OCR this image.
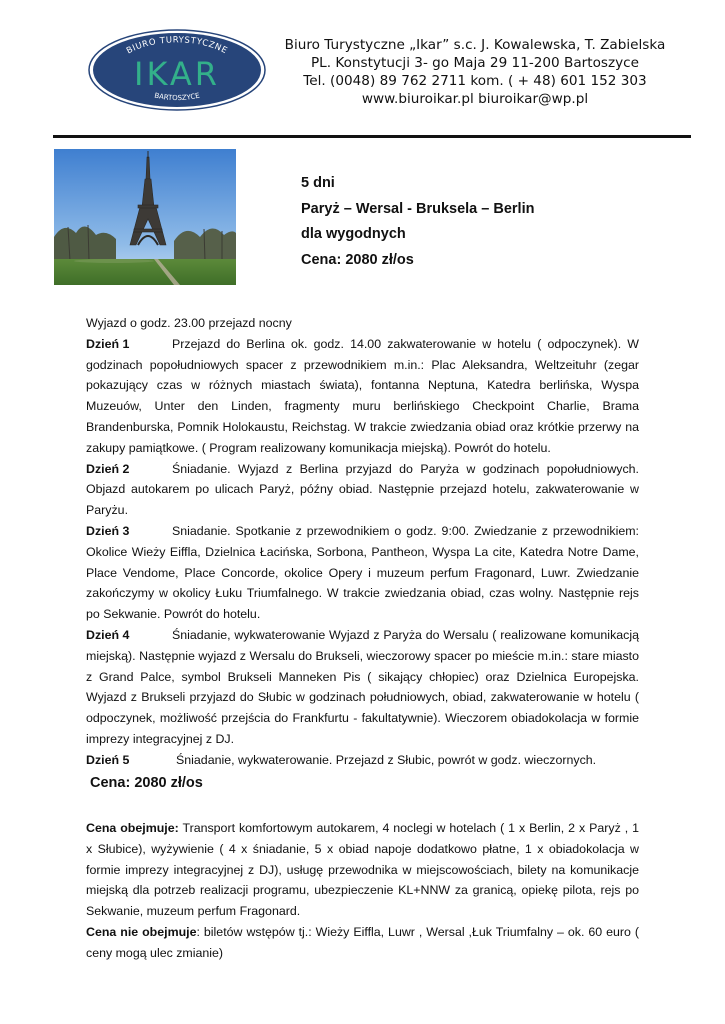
BIURO TURYSTYCZNE
IKAR
BARTOSZYCE
Biuro Turystyczne „Ikar” s.c. J. Kowalewska, T. Zabielska
PL. Konstytucji 3- go Maja 29 11-200 Bartoszyce
Tel. (0048) 89 762 2711 kom. ( + 48) 601 152 303
www.biuroikar.pl biuroikar@wp.pl
5 dni
Paryż – Wersal - Bruksela – Berlin
dla wygodnych
Cena: 2080 zł/os

Wyjazd o godz. 23.00 przejazd nocny

Dzień 1	Przejazd do Berlina ok. godz. 14.00 zakwaterowanie w hotelu ( odpoczynek). W godzinach popołudniowych spacer z przewodnikiem m.in.: Plac Aleksandra, Weltzeituhr (zegar pokazujący czas w różnych miastach świata), fontanna Neptuna, Katedra berlińska, Wyspa Muzeuów, Unter den Linden, fragmenty muru berlińskiego Checkpoint Charlie, Brama Brandenburska, Pomnik Holokaustu, Reichstag. W trakcie zwiedzania obiad oraz krótkie przerwy na zakupy pamiątkowe. ( Program realizowany komunikacja miejską). Powrót do hotelu.

Dzień 2	Śniadanie. Wyjazd z Berlina przyjazd do Paryża w godzinach popołudniowych. Objazd autokarem po ulicach Paryż, późny obiad. Następnie przejazd hotelu, zakwaterowanie w Paryżu.

Dzień 3	Sniadanie. Spotkanie z przewodnikiem o godz. 9:00. Zwiedzanie z przewodnikiem: Okolice Wieży Eiffla, Dzielnica Łacińska, Sorbona, Pantheon, Wyspa La cite, Katedra Notre Dame, Place Vendome, Place Concorde, okolice Opery i muzeum perfum Fragonard, Luwr. Zwiedzanie zakończymy w okolicy Łuku Triumfalnego. W trakcie zwiedzania obiad, czas wolny. Następnie rejs po Sekwanie. Powrót do hotelu.

Dzień 4	Śniadanie, wykwaterowanie Wyjazd z Paryża do Wersalu ( realizowane komunikacją miejską). Następnie wyjazd z Wersalu do Brukseli, wieczorowy spacer po mieście m.in.: stare miasto z Grand Palce, symbol Brukseli Manneken Pis ( sikający chłopiec) oraz Dzielnica Europejska. Wyjazd z Brukseli przyjazd do Słubic w godzinach południowych, obiad, zakwaterowanie w hotelu ( odpoczynek, możliwość przejścia do Frankfurtu - fakultatywnie). Wieczorem obiadokolacja w formie imprezy integracyjnej z DJ.

Dzień 5	Śniadanie, wykwaterowanie. Przejazd z Słubic, powrót w godz. wieczornych.

Cena: 2080 zł/os

Cena obejmuje: Transport komfortowym autokarem, 4 noclegi w hotelach ( 1 x Berlin, 2 x Paryż , 1 x Słubice), wyżywienie ( 4 x śniadanie, 5 x obiad napoje dodatkowo płatne, 1 x obiadokolacja w formie imprezy integracyjnej z DJ), usługę przewodnika w miejscowościach, bilety na komunikacje miejską dla potrzeb realizacji programu, ubezpieczenie KL+NNW za granicą, opiekę pilota, rejs po Sekwanie, muzeum perfum Fragonard.

Cena nie obejmuje: biletów wstępów tj.: Wieży Eiffla, Luwr , Wersal ,Łuk Triumfalny – ok. 60 euro ( ceny mogą ulec zmianie)
